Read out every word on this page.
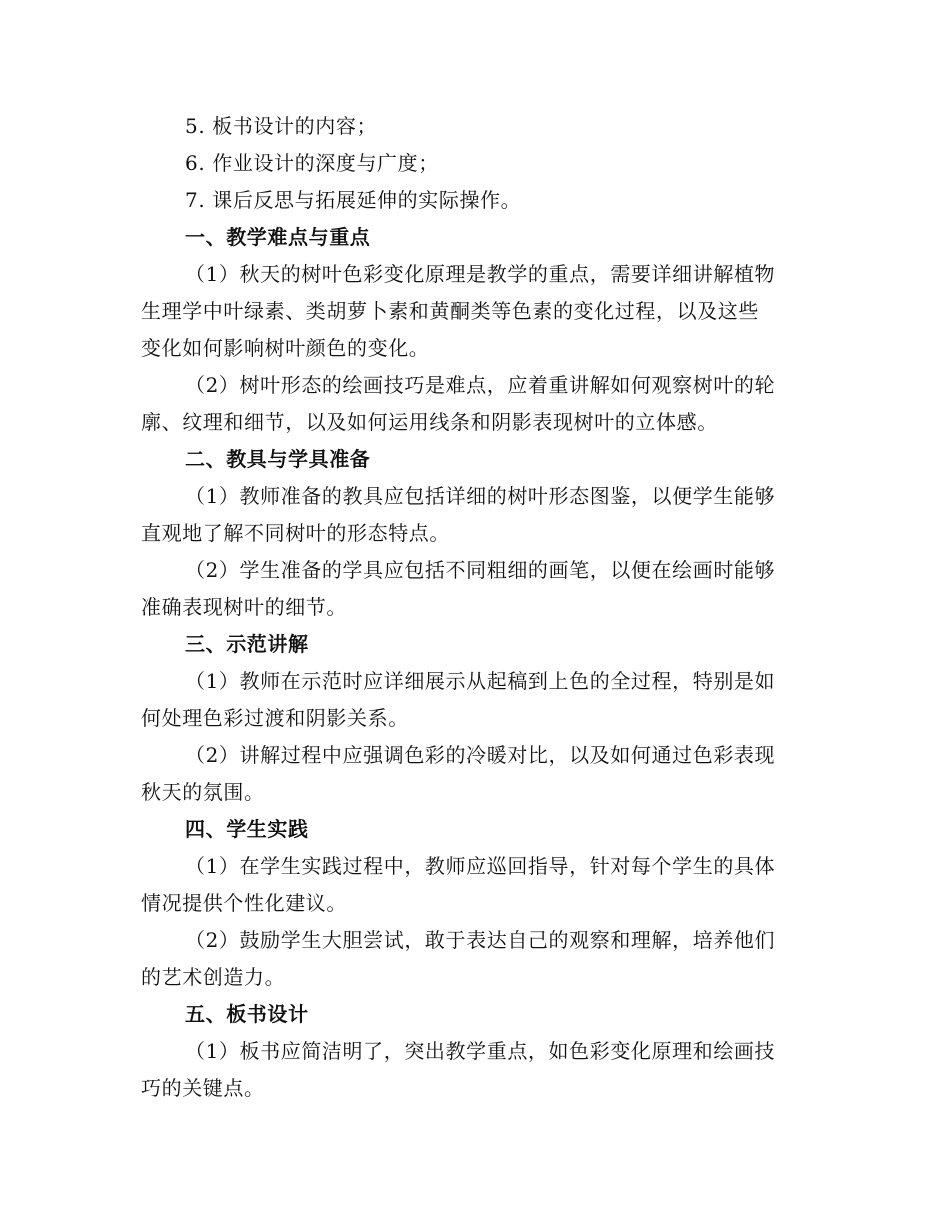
5. 板书设计的内容；

6. 作业设计的深度与广度；

7. 课后反思与拓展延伸的实际操作。

一、教学难点与重点

（1）秋天的树叶色彩变化原理是教学的重点，需要详细讲解植物

生理学中叶绿素、类胡萝卜素和黄酮类等色素的变化过程，以及这些

变化如何影响树叶颜色的变化。

（2）树叶形态的绘画技巧是难点，应着重讲解如何观察树叶的轮

廓、纹理和细节，以及如何运用线条和阴影表现树叶的立体感。

二、教具与学具准备

（1）教师准备的教具应包括详细的树叶形态图鉴，以便学生能够

直观地了解不同树叶的形态特点。

（2）学生准备的学具应包括不同粗细的画笔，以便在绘画时能够

准确表现树叶的细节。

三、示范讲解

（1）教师在示范时应详细展示从起稿到上色的全过程，特别是如

何处理色彩过渡和阴影关系。

（2）讲解过程中应强调色彩的冷暖对比，以及如何通过色彩表现

秋天的氛围。

四、学生实践

（1）在学生实践过程中，教师应巡回指导，针对每个学生的具体

情况提供个性化建议。

（2）鼓励学生大胆尝试，敢于表达自己的观察和理解，培养他们

的艺术创造力。

五、板书设计

（1）板书应简洁明了，突出教学重点，如色彩变化原理和绘画技

巧的关键点。
